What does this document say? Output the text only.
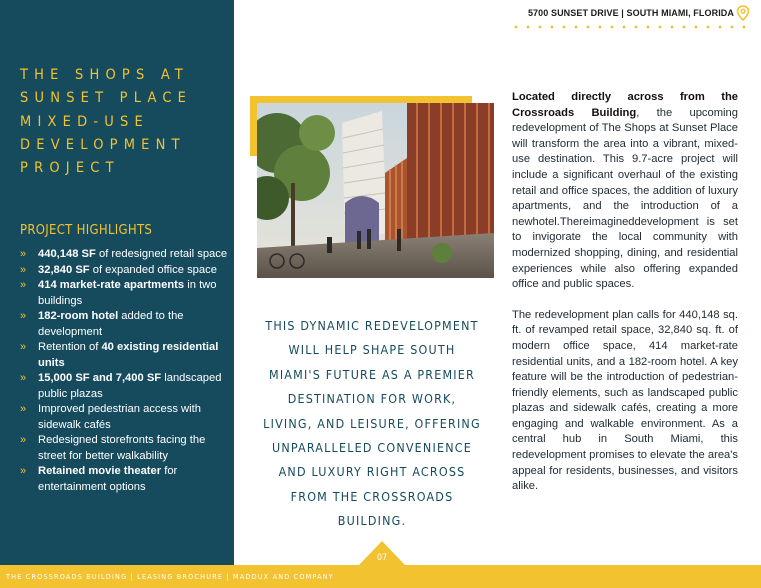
THE SHOPS AT
SUNSET PLACE
MIXED-USE
DEVELOPMENT
PROJECT
PROJECT HIGHLIGHTS
» 440,148 SF of redesigned retail space
» 32,840 SF of expanded office space
» 414 market-rate apartments in two buildings
» 182-room hotel added to the development
» Retention of 40 existing residential units
» 15,000 SF and 7,400 SF landscaped public plazas
» Improved pedestrian access with sidewalk cafés
» Redesigned storefronts facing the street for better walkability
» Retained movie theater for entertainment options
5700 SUNSET DRIVE | SOUTH MIAMI, FLORIDA
THIS DYNAMIC REDEVELOPMENT WILL HELP SHAPE SOUTH MIAMI'S FUTURE AS A PREMIER DESTINATION FOR WORK, LIVING, AND LEISURE, OFFERING UNPARALLELED CONVENIENCE AND LUXURY RIGHT ACROSS FROM THE CROSSROADS BUILDING.

Located directly across from the Crossroads Building, the upcoming redevelopment of The Shops at Sunset Place will transform the area into a vibrant, mixed-use destination. This 9.7-acre project will include a significant overhaul of the existing retail and office spaces, the addition of luxury apartments, and the introduction of a newhotel.Thereimagineddevelopment is set to invigorate the local community with modernized shopping, dining, and residential experiences while also offering expanded office and public spaces.

The redevelopment plan calls for 440,148 sq. ft. of revamped retail space, 32,840 sq. ft. of modern office space, 414 market-rate residential units, and a 182-room hotel. A key feature will be the introduction of pedestrian-friendly elements, such as landscaped public plazas and sidewalk cafés, creating a more engaging and walkable environment. As a central hub in South Miami, this redevelopment promises to elevate the area's appeal for residents, businesses, and visitors alike.

THE CROSSROADS BUILDING | LEASING BROCHURE | MADDUX AND COMPANY
07
